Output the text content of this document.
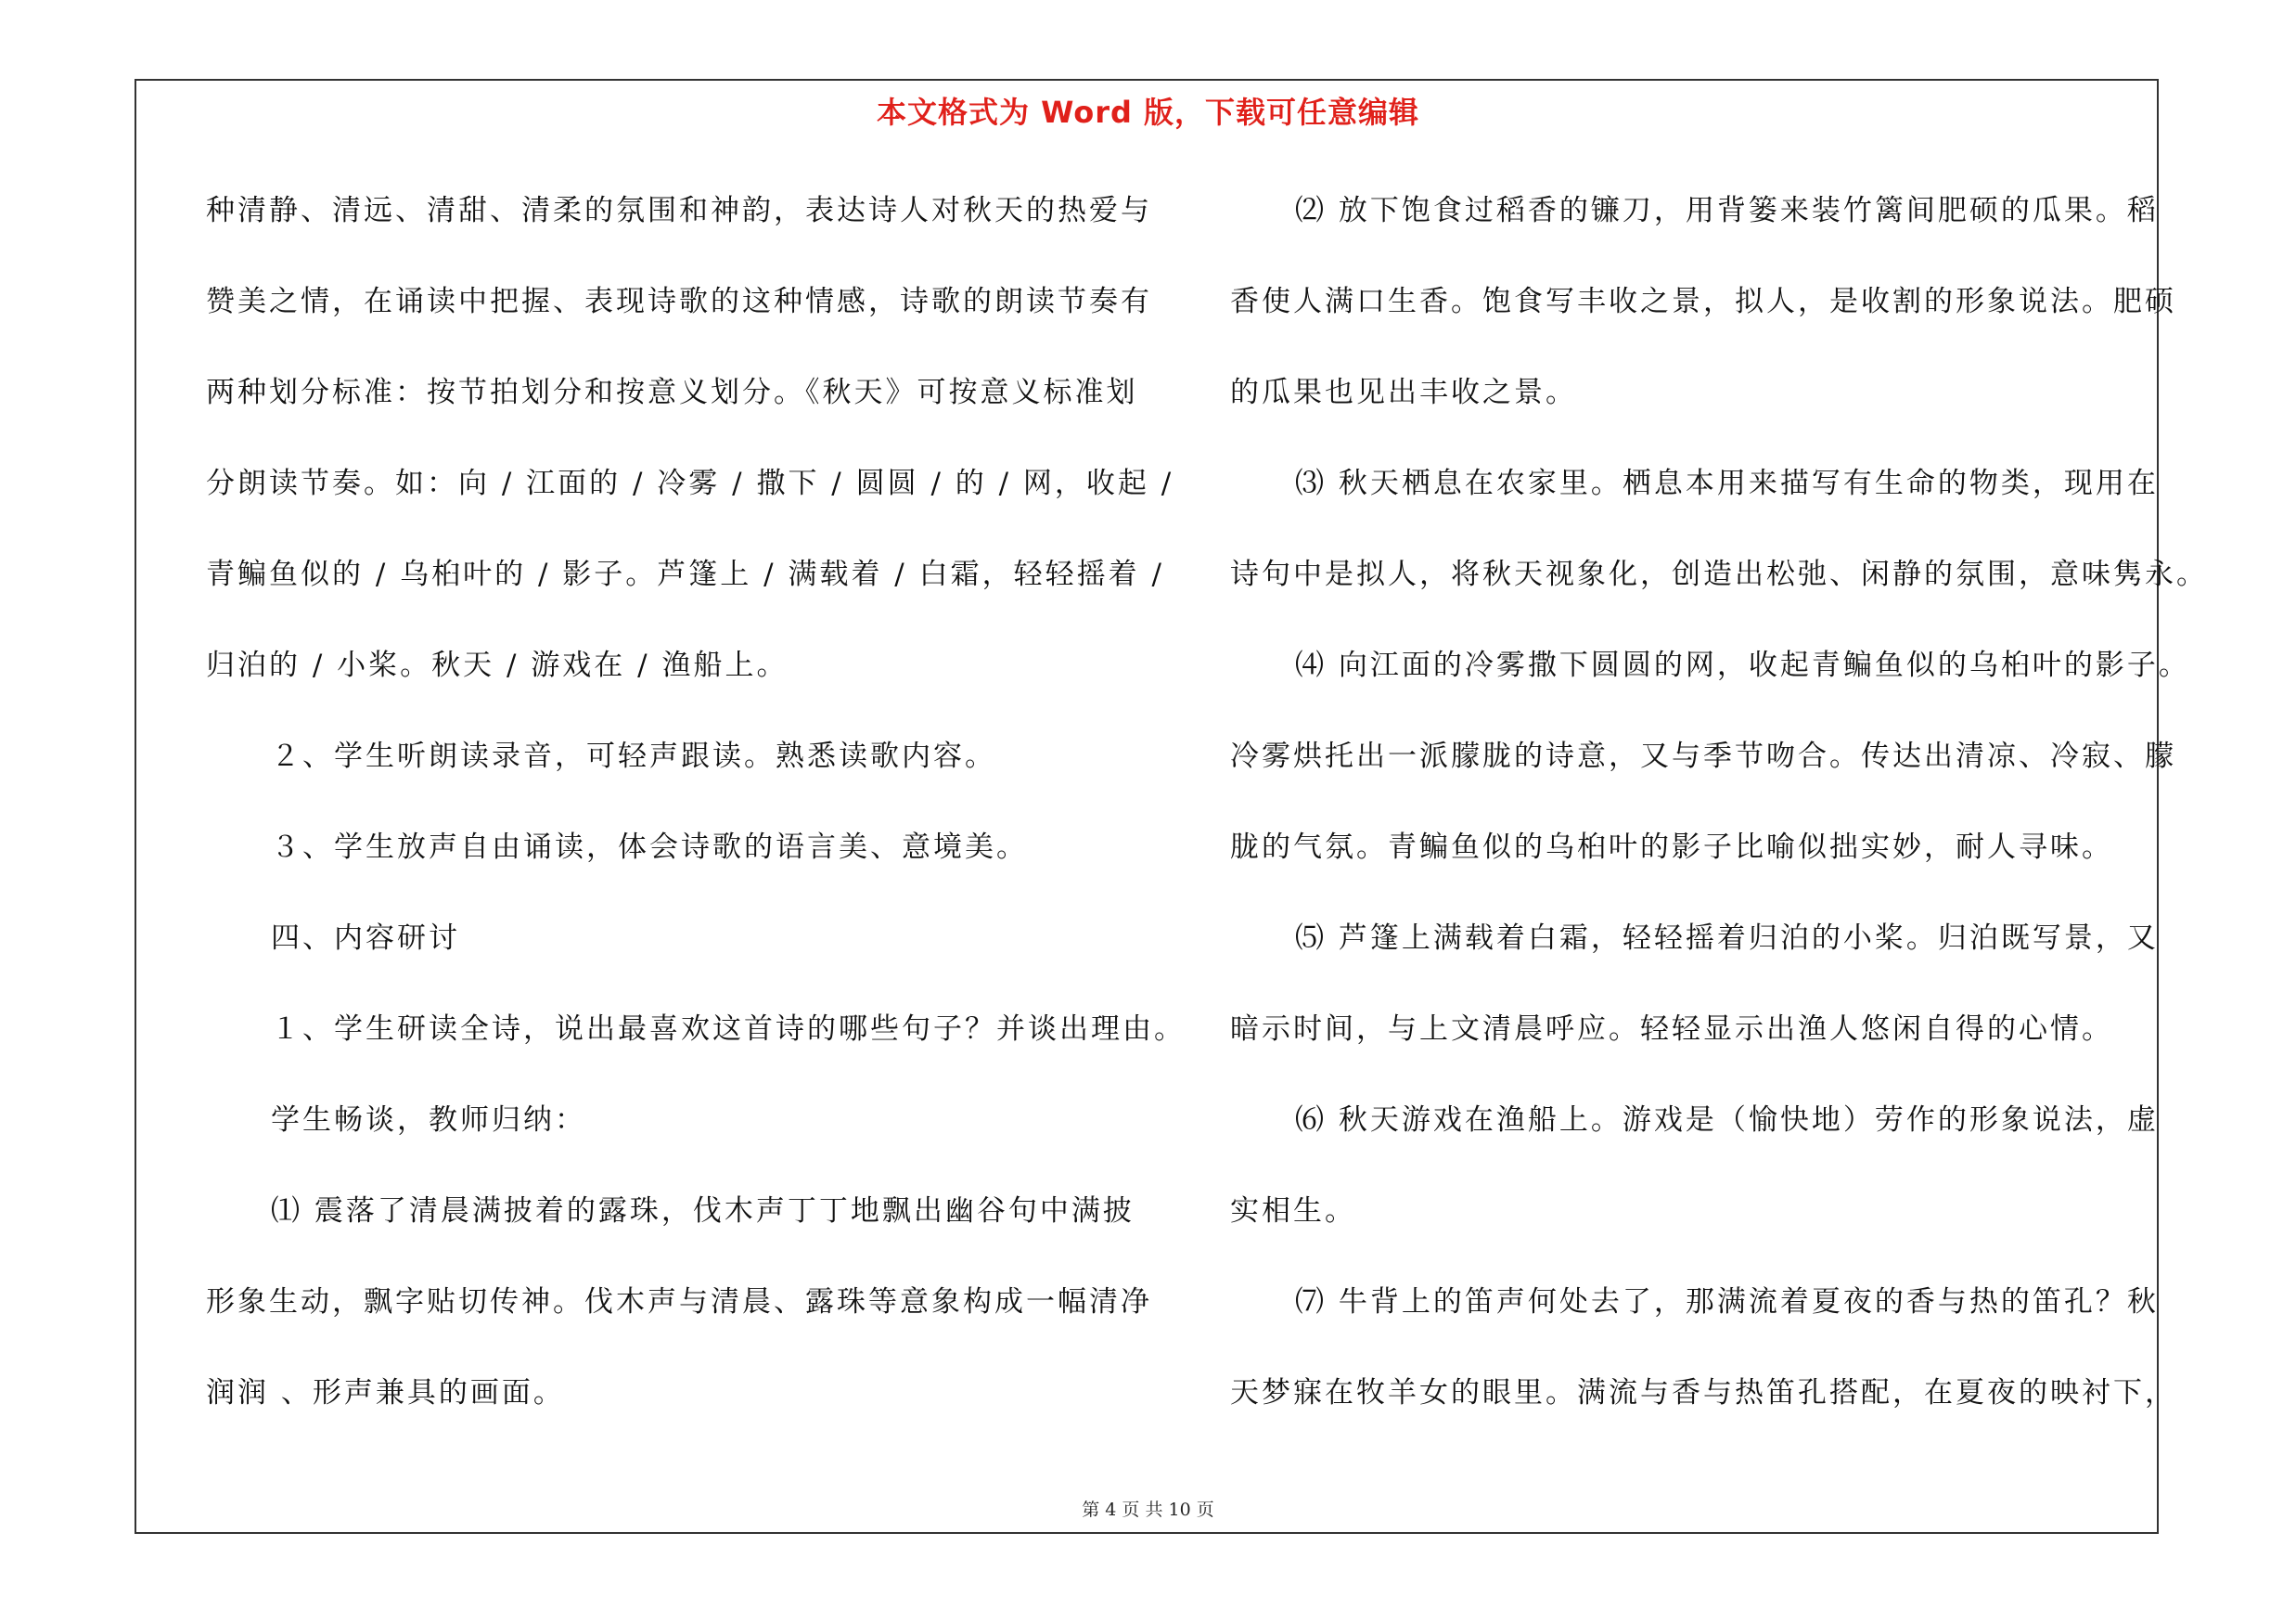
本文格式为 Word 版，下载可任意编辑
种清静、清远、清甜、清柔的氛围和神韵，表达诗人对秋天的热爱与
赞美之情，在诵读中把握、表现诗歌的这种情感，诗歌的朗读节奏有
两种划分标准：按节拍划分和按意义划分。《秋天》可按意义标准划
分朗读节奏。如：向 / 江面的 / 冷雾 / 撒下 / 圆圆 / 的 / 网，收起 /
青鳊鱼似的 / 乌桕叶的 / 影子。芦篷上 / 满载着 / 白霜，轻轻摇着 /
归泊的 / 小桨。秋天 / 游戏在 / 渔船上。
２、学生听朗读录音，可轻声跟读。熟悉读歌内容。
３、学生放声自由诵读，体会诗歌的语言美、意境美。
四、内容研讨
１、学生研读全诗，说出最喜欢这首诗的哪些句子？并谈出理由。
学生畅谈，教师归纳：
⑴ 震落了清晨满披着的露珠，伐木声丁丁地飘出幽谷句中满披
形象生动，飘字贴切传神。伐木声与清晨、露珠等意象构成一幅清净
润润 、形声兼具的画面。
⑵ 放下饱食过稻香的镰刀，用背篓来装竹篱间肥硕的瓜果。稻
香使人满口生香。饱食写丰收之景，拟人，是收割的形象说法。肥硕
的瓜果也见出丰收之景。
⑶ 秋天栖息在农家里。栖息本用来描写有生命的物类，现用在
诗句中是拟人，将秋天视象化，创造出松弛、闲静的氛围，意味隽永。
⑷ 向江面的冷雾撒下圆圆的网，收起青鳊鱼似的乌桕叶的影子。
冷雾烘托出一派朦胧的诗意，又与季节吻合。传达出清凉、冷寂、朦
胧的气氛。青鳊鱼似的乌桕叶的影子比喻似拙实妙，耐人寻味。
⑸ 芦篷上满载着白霜，轻轻摇着归泊的小桨。归泊既写景，又
暗示时间，与上文清晨呼应。轻轻显示出渔人悠闲自得的心情。
⑹ 秋天游戏在渔船上。游戏是（愉快地）劳作的形象说法，虚
实相生。
⑺ 牛背上的笛声何处去了，那满流着夏夜的香与热的笛孔？秋
天梦寐在牧羊女的眼里。满流与香与热笛孔搭配，在夏夜的映衬下，
第 4 页 共 10 页
